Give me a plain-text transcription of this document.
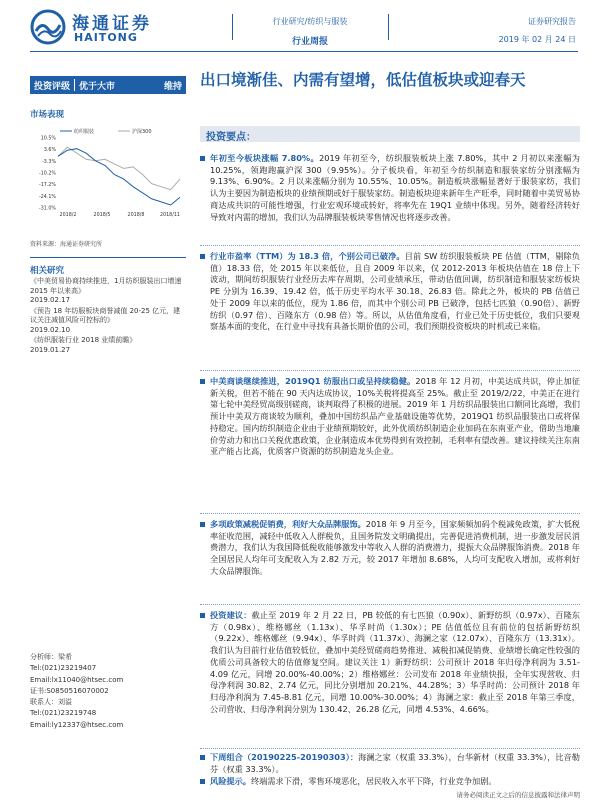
海通证券
HAITONG
行业研究/纺织与服装
行业周报
证券研究报告
2019 年 02 月 24 日
投资评级	优于大市	维持 出口境渐佳、内需有望增，低估值板块或迎春天
市场表现
纺织服装	沪深300
10.5%
3.6%
-3.3%
-10.2%
-17.2%
-24.1%
-31.0%
2018/2	2018/5	2018/8	2018/11
资料来源：海通证券研究所
相关研究
《中美贸易协商持续推进，1月纺织服装出口增速 2015 年以来高》
2019.02.17
《预告 18 年纺服板块商誉减值 20-25 亿元，建议关注减值风险可控标的》
2019.02.10
《纺织服装行业 2018 业绩前瞻》
2019.01.27
分析师：梁希
Tel:(021)23219407
Email:lx11040@htsec.com
证书:S0850516070002
联系人：刘溢
Tel:(021)23219748
Email:ly12337@htsec.com
投资要点：
年初至今板块涨幅 7.80%。2019 年初至今，纺织服装板块上涨 7.80%，其中 2 月初以来涨幅为 10.25%，领跑跑赢沪深 300（9.95%）。分子板块看，年初至今纺织制造和服装家纺分别涨幅为 9.13%、6.90%。2 月以来涨幅分别为 10.55%、10.05%。制造板块涨幅显著好于服装家纺，我们认为主要因为制造板块的业绩预期或好于服装家纺。制造板块迎来新年生产旺季，同时随着中美贸易协商达成共识的可能性增强，行业宏观环境或转好，将率先在 19Q1 业绩中体现。另外，随着经济转好导致对内需的增加，我们认为品牌服装板块零售情况也将逐步改善。
行业市盈率（TTM）为 18.3 倍，个别公司已破净。目前 SW 纺织服装板块 PE 估值（TTM，剔除负值）18.33 倍，处 2015 年以来低位，且自 2009 年以来，仅 2012-2013 年板块估值在 18 倍上下波动，期间纺织服装行业经历去库存周期，公司业绩承压，带动估值回调，纺织制造和服装家纺板块 PE 分别为 16.39、19.42 倍，低于历史平均水平 30.18、26.83 倍。除此之外，板块的 PB 估值已处于 2009 年以来的低位，现为 1.86 倍，而其中个别公司 PB 已破净，包括七匹狼（0.90倍）、新野纺织（0.97 倍）、百隆东方（0.98 倍）等。所以，从估值角度看，行业已处于历史低位，我们只要观察基本面的变化，在行业中寻找有具备长期价值的公司，我们预期投资板块的时机或已来临。
中美商谈继续推进，2019Q1 纺服出口或呈持续稳健。2018 年 12 月初，中美达成共识，停止加征新关税，但若不能在 90 天内达成协议，10%关税将提高至 25%。截止至 2019/2/22，中美正在进行第七轮中美经贸高级别磋商，谈判取得了积极的进展。2019 年 1 月纺织品服装出口额同比高增，我们预计中美双方商谈较为顺利，叠加中国纺织品产业基础设施等优势，2019Q1 纺织品服装出口或将保持稳定。国内纺织制造企业由于业绩预期较好，此外优质纺织制造企业加码在东南亚产业，借助当地廉价劳动力和出口关税优惠政策，企业制造成本优势得到有效控制，毛利率有望改善。建议持续关注东南亚产能占比高，优质客户资源的纺织制造龙头企业。
多项政策减税促销费，利好大众品牌服饰。2018 年 9 月至今，国家频频加码个税减免政策，扩大低税率征收范围，减轻中低收入人群税负，且国务院发文明确提出，完善促进消费机制，进一步激发居民消费潜力，我们认为我国降低税收能够激发中等收入人群的消费潜力，提振大众品牌服饰消费。2018 年全国居民人均年可支配收入为 2.82 万元，较 2017 年增加 8.68%，人均可支配收入增加，或将利好大众品牌服饰。
投资建议：截止至 2019 年 2 月 22 日，PB 较低的有七匹狼（0.90x）、新野纺织（0.97x）、百隆东方（0.98x）、维格娜丝（1.13x）、华孚时尚（1.30x）；PE 估值低位且有前位的包括新野纺织（9.22x）、维格娜丝（9.94x）、华孚时尚（11.37x）、海澜之家（12.07x）、百隆东方（13.31x）。我们认为目前行业估值较低位，叠加中美经贸磋商趋势推进、减税扣减促销费、业绩增长确定性较强的优质公司具备较大的估值修复空间。建议关注 1）新野纺织：公司预计 2018 年归母净利润为 3.51-4.09 亿元，同增 20.00%-40.00%；2）维格娜丝：公司发布 2018 年业绩快报，全年实现营收、归母净利润 30.82、2.74 亿元，同比分别增加 20.21%、44.28%；3）华孚时尚：公司预计 2018 年归母净利润为 7.45-8.81 亿元，同增 10.00%-30.00%；4）海澜之家：截止至 2018 年第三季度，公司营收、归母净利润分别为 130.42、26.28 亿元，同增 4.53%、4.66%。
下周组合（20190225-20190303）：海澜之家（权重 33.3%），台华新材（权重 33.3%），比音勒芬（权重 33.3%）。
风险提示。终端需求下滑，零售环境恶化，居民收入水平下降，行业竞争加剧。
请务必阅读正文之后的信息披露和法律声明
